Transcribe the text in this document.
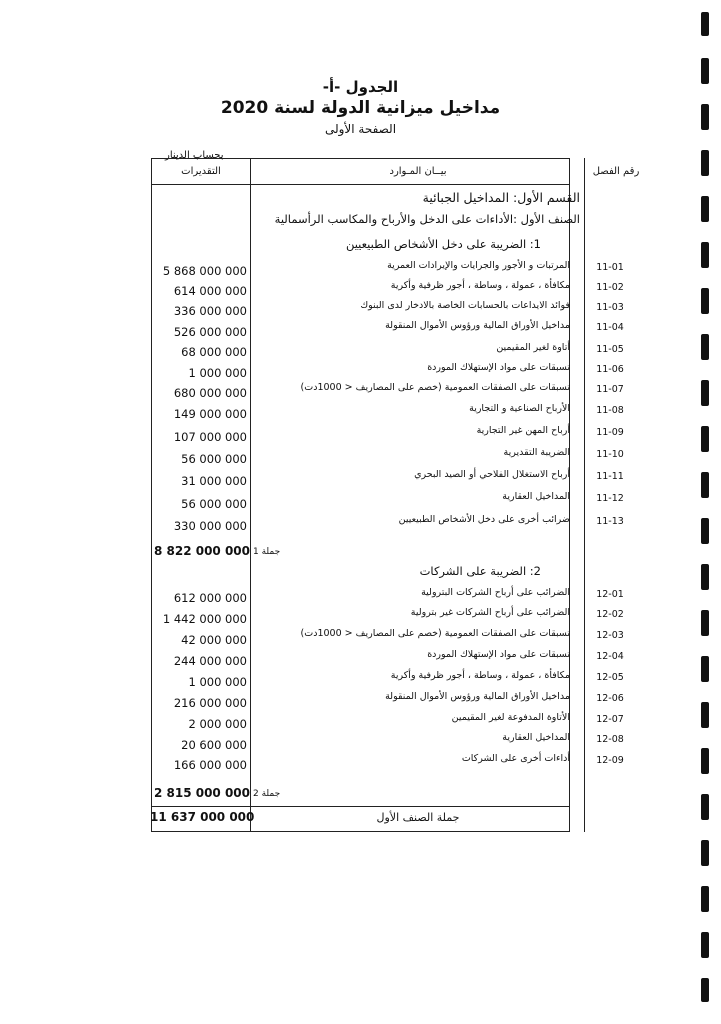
الجدول -أ-
مداخيل ميزانية الدولة لسنة 2020
الصفحة الأولى
بحساب الدينار
رقم الفصل
بيــان المـوارد
التقديرات
القسم الأول: المداخيل الجبائية
الصنف الأول :الأداءات على الدخل والأرباح والمكاسب الرأسمالية
1: الضريبة على دخل الأشخاص الطبيعيين
11-01
المرتبات و الأجور والجرايات والإيرادات العمرية
5 868 000 000
11-02
مكافأة ، عمولة ، وساطة ، أجور ظرفية وأكرية
614 000 000
11-03
فوائد الايداعات بالحسابات الخاصة بالادخار لدى البنوك
336 000 000
11-04
مداخيل الأوراق المالية ورؤوس الأموال المنقولة
526 000 000
11-05
أتاوة لغير المقيمين
68 000 000
11-06
تسبقات على مواد الإستهلاك الموردة
1 000 000
11-07
تسبقات على الصفقات العمومية (خصم على المصاريف < 1000دت)
680 000 000
11-08
الأرباح الصناعية و التجارية
149 000 000
11-09
أرباح المهن غير التجارية
107 000 000
11-10
الضريبة التقديرية
56 000 000
11-11
أرباح الاستغلال الفلاحي أو الصيد البحري
31 000 000
11-12
المداخيل العقارية
56 000 000
11-13
ضرائب أخرى على دخل الأشخاص الطبيعيين
330 000 000
جملة 1
8 822 000 000
2: الضريبة على الشركات
12-01
الضرائب على أرباح الشركات البترولية
612 000 000
12-02
الضرائب على أرباح الشركات غير بترولية
1 442 000 000
12-03
تسبقات على الصفقات العمومية (خصم على المصاريف < 1000دت)
42 000 000
12-04
تسبقات على مواد الإستهلاك الموردة
244 000 000
12-05
مكافأة ، عمولة ، وساطة ، أجور ظرفية وأكرية
1 000 000
12-06
مداخيل الأوراق المالية ورؤوس الأموال المنقولة
216 000 000
12-07
الأتاوة المدفوعة لغير المقيمين
2 000 000
12-08
المداخيل العقارية
20 600 000
12-09
أداءات أخرى على الشركات
166 000 000
جملة 2
2 815 000 000
جملة الصنف الأول
11 637 000 000
